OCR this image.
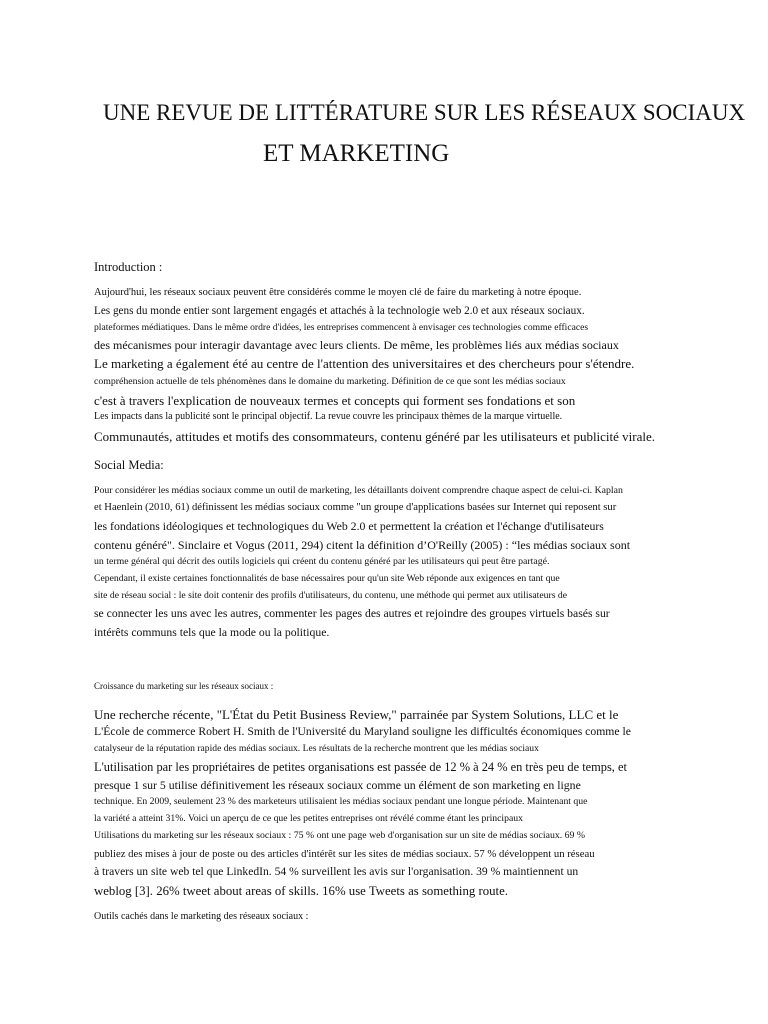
UNE REVUE DE LITTÉRATURE SUR LES RÉSEAUX SOCIAUX
ET MARKETING
Introduction :
Aujourd'hui, les réseaux sociaux peuvent être considérés comme le moyen clé de faire du marketing à notre époque.
Les gens du monde entier sont largement engagés et attachés à la technologie web 2.0 et aux réseaux sociaux.
plateformes médiatiques. Dans le même ordre d'idées, les entreprises commencent à envisager ces technologies comme efficaces
des mécanismes pour interagir davantage avec leurs clients. De même, les problèmes liés aux médias sociaux
Le marketing a également été au centre de l'attention des universitaires et des chercheurs pour s'étendre.
compréhension actuelle de tels phénomènes dans le domaine du marketing. Définition de ce que sont les médias sociaux
c'est à travers l'explication de nouveaux termes et concepts qui forment ses fondations et son
Les impacts dans la publicité sont le principal objectif. La revue couvre les principaux thèmes de la marque virtuelle.
Communautés, attitudes et motifs des consommateurs, contenu généré par les utilisateurs et publicité virale.
Social Media:
Pour considérer les médias sociaux comme un outil de marketing, les détaillants doivent comprendre chaque aspect de celui-ci. Kaplan
et Haenlein (2010, 61) définissent les médias sociaux comme "un groupe d'applications basées sur Internet qui reposent sur
les fondations idéologiques et technologiques du Web 2.0 et permettent la création et l'échange d'utilisateurs
contenu généré". Sinclaire et Vogus (2011, 294) citent la définition d’O'Reilly (2005) : “les médias sociaux sont
un terme général qui décrit des outils logiciels qui créent du contenu généré par les utilisateurs qui peut être partagé.
Cependant, il existe certaines fonctionnalités de base nécessaires pour qu'un site Web réponde aux exigences en tant que
site de réseau social : le site doit contenir des profils d'utilisateurs, du contenu, une méthode qui permet aux utilisateurs de
se connecter les uns avec les autres, commenter les pages des autres et rejoindre des groupes virtuels basés sur
intérêts communs tels que la mode ou la politique.
Croissance du marketing sur les réseaux sociaux :
Une recherche récente, "L'État du Petit Business Review," parrainée par System Solutions, LLC et le
L'École de commerce Robert H. Smith de l'Université du Maryland souligne les difficultés économiques comme le
catalyseur de la réputation rapide des médias sociaux. Les résultats de la recherche montrent que les médias sociaux
L'utilisation par les propriétaires de petites organisations est passée de 12 % à 24 % en très peu de temps, et
presque 1 sur 5 utilise définitivement les réseaux sociaux comme un élément de son marketing en ligne
technique. En 2009, seulement 23 % des marketeurs utilisaient les médias sociaux pendant une longue période. Maintenant que
la variété a atteint 31%. Voici un aperçu de ce que les petites entreprises ont révélé comme étant les principaux
Utilisations du marketing sur les réseaux sociaux : 75 % ont une page web d'organisation sur un site de médias sociaux. 69 %
publiez des mises à jour de poste ou des articles d'intérêt sur les sites de médias sociaux. 57 % développent un réseau
à travers un site web tel que LinkedIn. 54 % surveillent les avis sur l'organisation. 39 % maintiennent un
weblog [3]. 26% tweet about areas of skills. 16% use Tweets as something route.
Outils cachés dans le marketing des réseaux sociaux :
